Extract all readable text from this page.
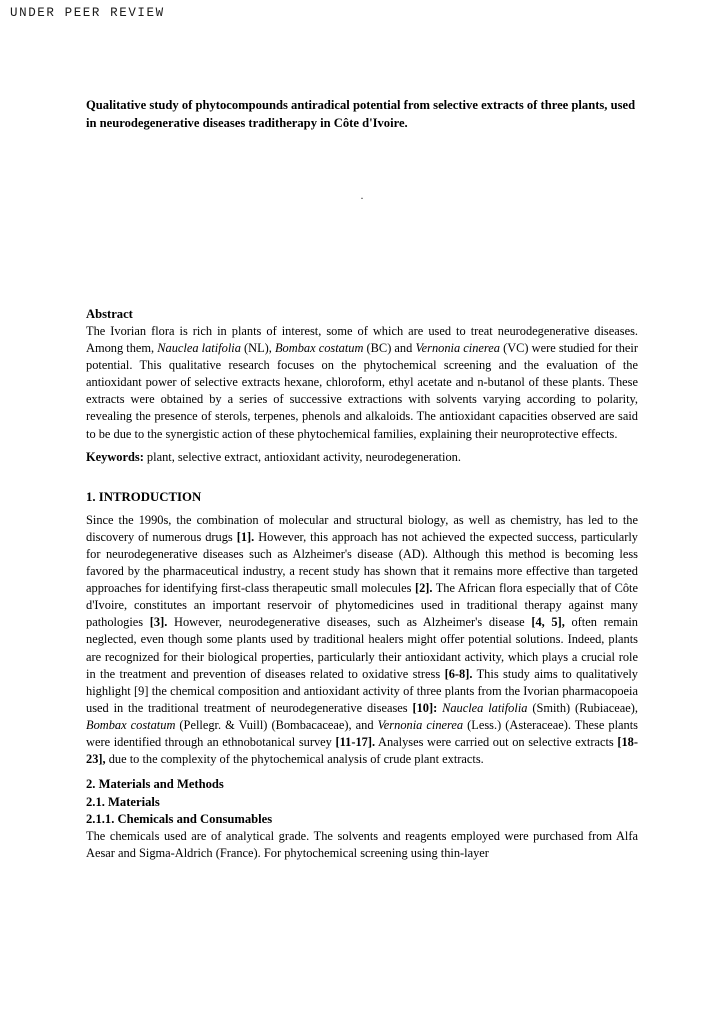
UNDER PEER REVIEW
Qualitative study of phytocompounds antiradical potential from selective extracts of three plants, used in neurodegenerative diseases traditherapy in Côte d'Ivoire.
.
Abstract

The Ivorian flora is rich in plants of interest, some of which are used to treat neurodegenerative diseases. Among them, Nauclea latifolia (NL), Bombax costatum (BC) and Vernonia cinerea (VC) were studied for their potential. This qualitative research focuses on the phytochemical screening and the evaluation of the antioxidant power of selective extracts hexane, chloroform, ethyl acetate and n-butanol of these plants. These extracts were obtained by a series of successive extractions with solvents varying according to polarity, revealing the presence of sterols, terpenes, phenols and alkaloids. The antioxidant capacities observed are said to be due to the synergistic action of these phytochemical families, explaining their neuroprotective effects.

Keywords: plant, selective extract, antioxidant activity, neurodegeneration.

1. INTRODUCTION

Since the 1990s, the combination of molecular and structural biology, as well as chemistry, has led to the discovery of numerous drugs [1]. However, this approach has not achieved the expected success, particularly for neurodegenerative diseases such as Alzheimer's disease (AD). Although this method is becoming less favored by the pharmaceutical industry, a recent study has shown that it remains more effective than targeted approaches for identifying first-class therapeutic small molecules [2]. The African flora especially that of Côte d'Ivoire, constitutes an important reservoir of phytomedicines used in traditional therapy against many pathologies [3]. However, neurodegenerative diseases, such as Alzheimer's disease [4, 5], often remain neglected, even though some plants used by traditional healers might offer potential solutions. Indeed, plants are recognized for their biological properties, particularly their antioxidant activity, which plays a crucial role in the treatment and prevention of diseases related to oxidative stress [6-8]. This study aims to qualitatively highlight [9] the chemical composition and antioxidant activity of three plants from the Ivorian pharmacopoeia used in the traditional treatment of neurodegenerative diseases [10]: Nauclea latifolia (Smith) (Rubiaceae), Bombax costatum (Pellegr. & Vuill) (Bombacaceae), and Vernonia cinerea (Less.) (Asteraceae). These plants were identified through an ethnobotanical survey [11-17]. Analyses were carried out on selective extracts [18-23], due to the complexity of the phytochemical analysis of crude plant extracts.

2. Materials and Methods
2.1. Materials
2.1.1. Chemicals and Consumables

The chemicals used are of analytical grade. The solvents and reagents employed were purchased from Alfa Aesar and Sigma-Aldrich (France). For phytochemical screening using thin-layer
